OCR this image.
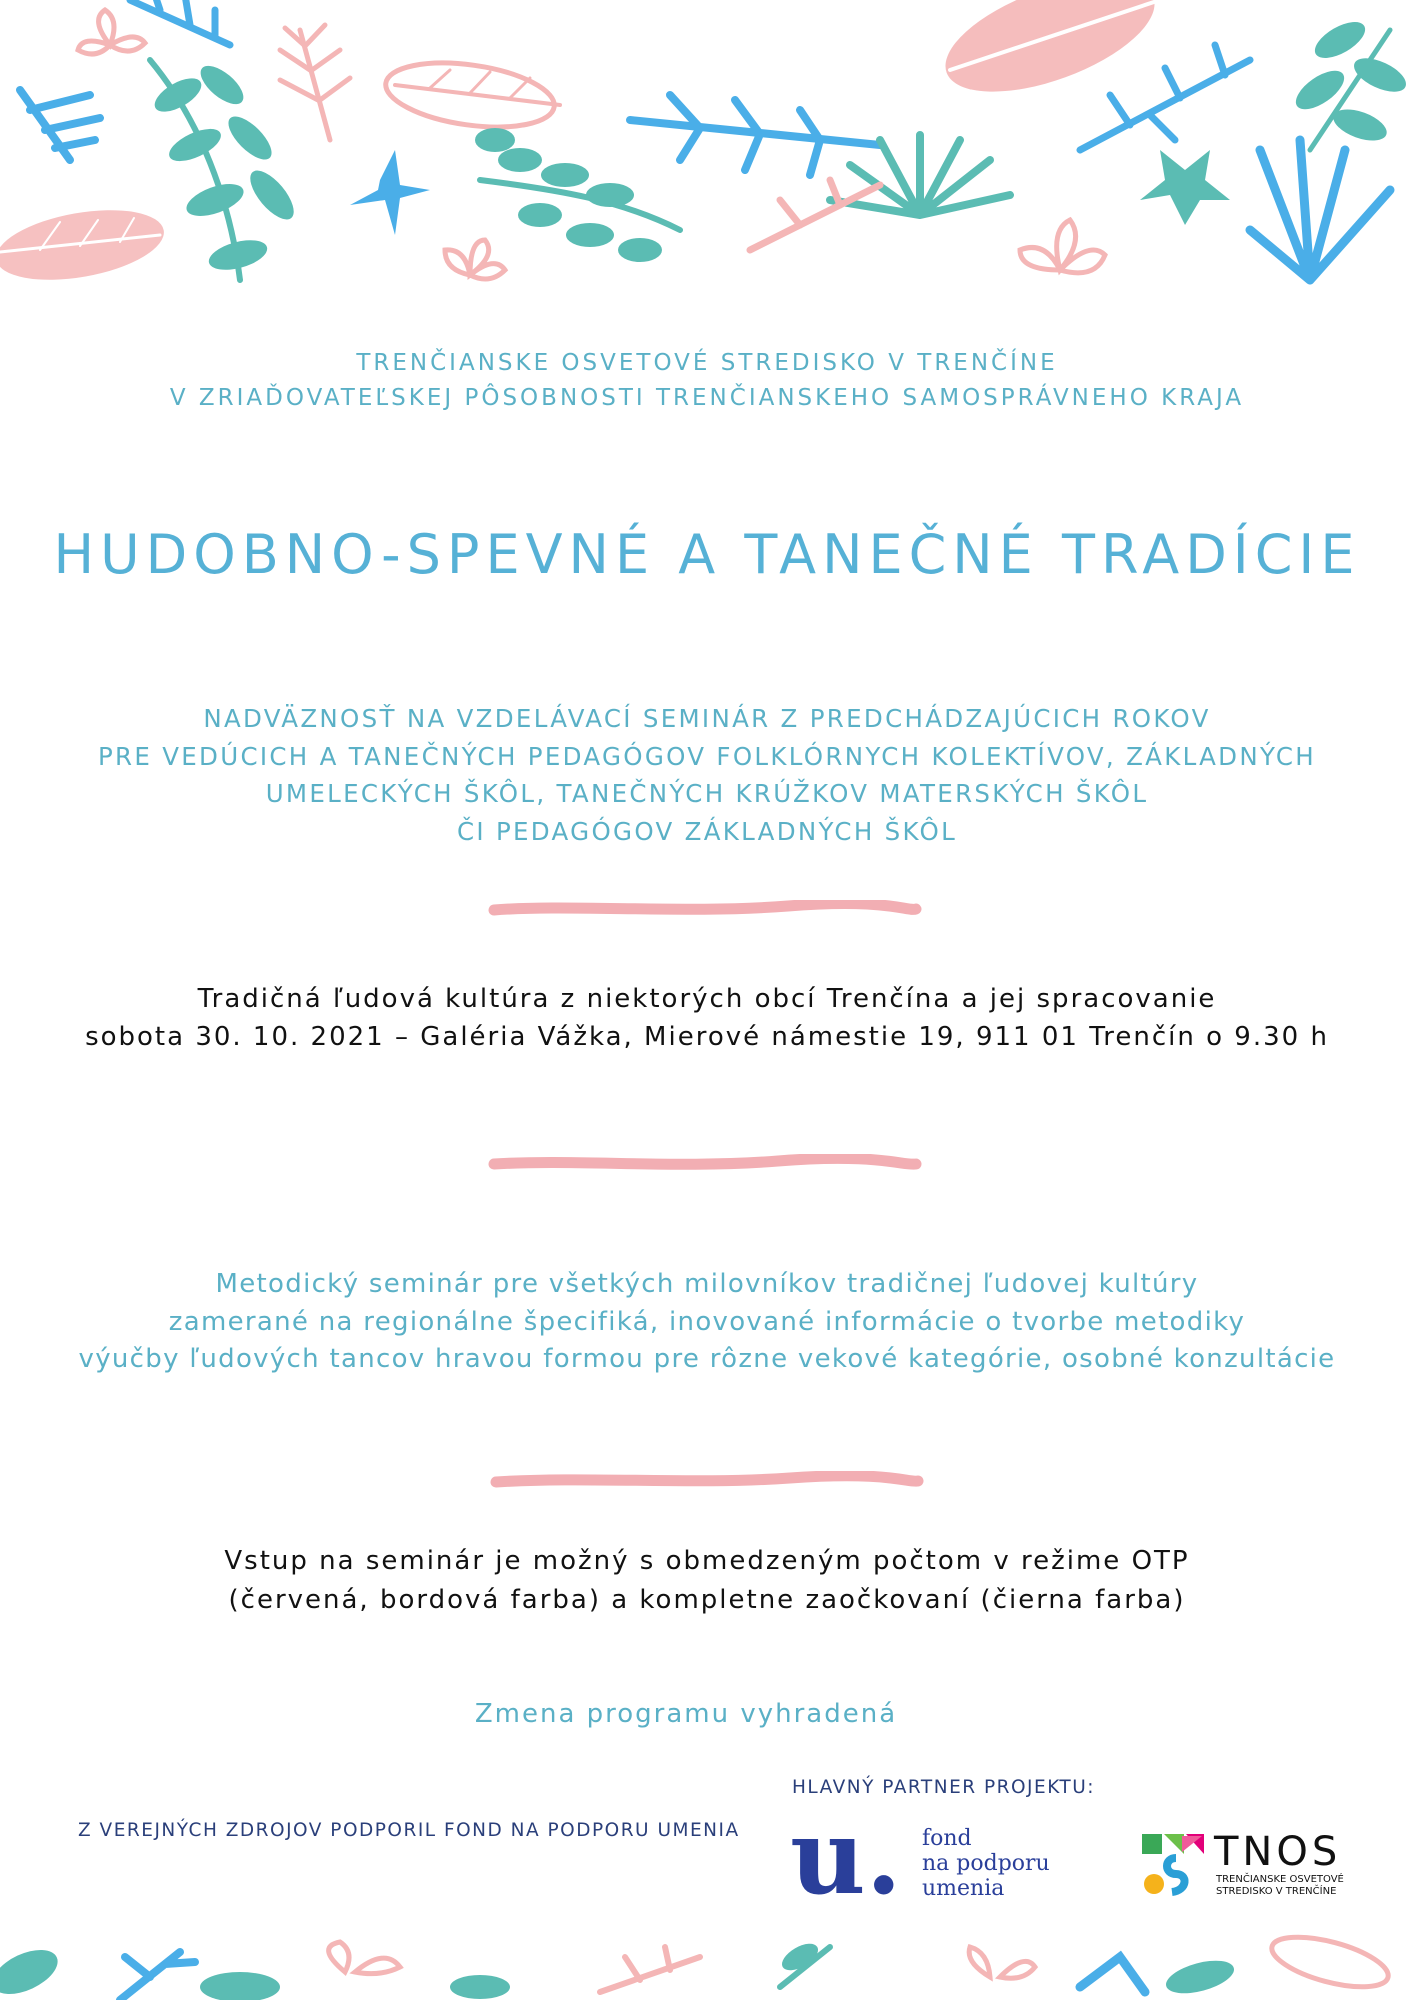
TRENČIANSKE OSVETOVÉ STREDISKO V TRENČÍNE
V ZRIAĎOVATEĽSKEJ PÔSOBNOSTI TRENČIANSKEHO SAMOSPRÁVNEHO KRAJA
HUDOBNO-SPEVNÉ A TANEČNÉ TRADÍCIE
NADVÄZNOSŤ NA VZDELÁVACÍ SEMINÁR Z PREDCHÁDZAJÚCICH ROKOV
PRE VEDÚCICH A TANEČNÝCH PEDAGÓGOV FOLKLÓRNYCH KOLEKTÍVOV, ZÁKLADNÝCH
UMELECKÝCH ŠKÔL, TANEČNÝCH KRÚŽKOV MATERSKÝCH ŠKÔL
ČI PEDAGÓGOV ZÁKLADNÝCH ŠKÔL
Tradičná ľudová kultúra z niektorých obcí Trenčína a jej spracovanie
sobota 30. 10. 2021 – Galéria Vážka, Mierové námestie 19, 911 01 Trenčín o 9.30 h
Metodický seminár pre všetkých milovníkov tradičnej ľudovej kultúry
zamerané na regionálne špecifiká, inovované informácie o tvorbe metodiky
výučby ľudových tancov hravou formou pre rôzne vekové kategórie, osobné konzultácie
Vstup na seminár je možný s obmedzeným počtom v režime OTP
(červená, bordová farba) a kompletne zaočkovaní (čierna farba)
Zmena programu vyhradená
Z VEREJNÝCH ZDROJOV PODPORIL FOND NA PODPORU UMENIA
HLAVNÝ PARTNER PROJEKTU:
u. fond
na podporu
umenia
TNOS
TRENČIANSKE OSVETOVÉ
STREDISKO V TRENČÍNE
